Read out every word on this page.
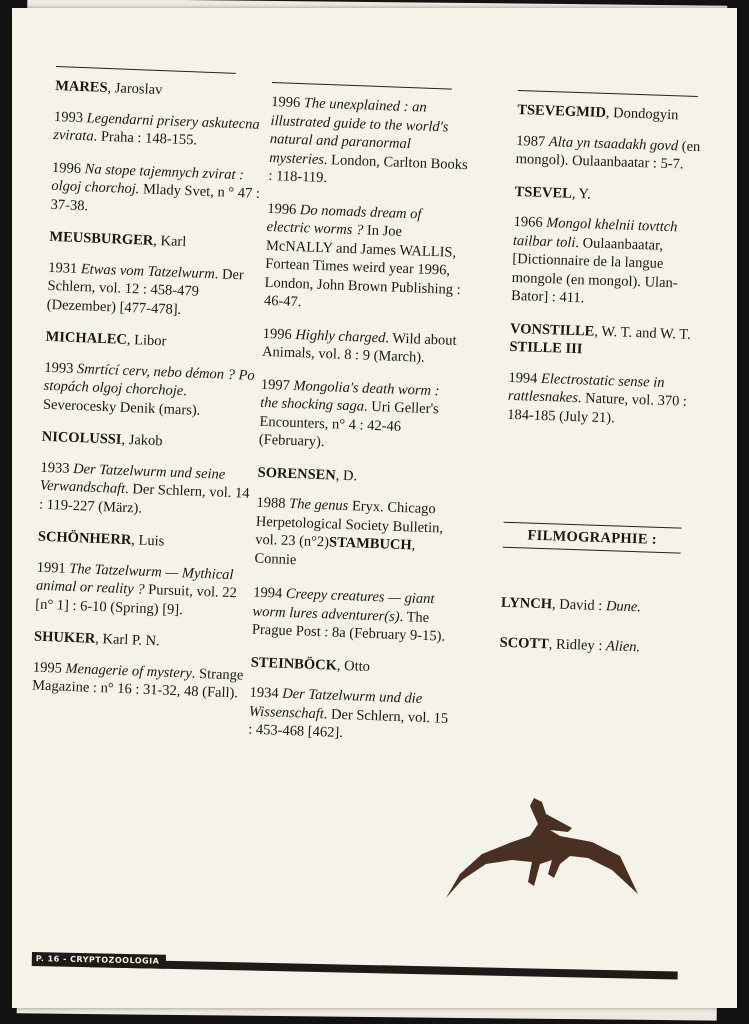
MARES, Jaroslav
1993 Legendarni prisery askutecna zvirata. Praha : 148-155.
1996 Na stope tajemnych zvirat : olgoj chorchoj. Mlady Svet, n ° 47 : 37-38.
MEUSBURGER, Karl
1931 Etwas vom Tatzelwurm. Der Schlern, vol. 12 : 458-479 (Dezember) [477-478].
MICHALEC, Libor
1993 Smrtící cerv, nebo démon ? Po stopách olgoj chorchoje. Severocesky Denik (mars).
NICOLUSSI, Jakob
1933 Der Tatzelwurm und seine Verwandschaft. Der Schlern, vol. 14 : 119-227 (März).
SCHÖNHERR, Luis
1991 The Tatzelwurm — Mythical animal or reality ? Pursuit, vol. 22 [n° 1] : 6-10 (Spring) [9].
SHUKER, Karl P. N.
1995 Menagerie of mystery. Strange Magazine : n° 16 : 31-32, 48 (Fall).
1996 The unexplained : an illustrated guide to the world's natural and paranormal mysteries. London, Carlton Books : 118-119.
1996 Do nomads dream of electric worms ? In Joe McNALLY and James WALLIS, Fortean Times weird year 1996, London, John Brown Publishing : 46-47.
1996 Highly charged. Wild about Animals, vol. 8 : 9 (March).
1997 Mongolia's death worm : the shocking saga. Uri Geller's Encounters, n° 4 : 42-46 (February).
SORENSEN, D.
1988 The genus Eryx. Chicago Herpetological Society Bulletin, vol. 23 (n°2)STAMBUCH, Connie
1994 Creepy creatures — giant worm lures adventurer(s). The Prague Post : 8a (February 9-15).
STEINBÖCK, Otto
1934 Der Tatzelwurm und die Wissenschaft. Der Schlern, vol. 15 : 453-468 [462].
TSEVEGMID, Dondogyin
1987 Alta yn tsaadakh govd (en mongol). Oulaanbaatar : 5-7.
TSEVEL, Y.
1966 Mongol khelnii tovttch tailbar toli. Oulaanbaatar, [Dictionnaire de la langue mongole (en mongol). Ulan-Bator] : 411.
VONSTILLE, W. T. and W. T. STILLE III
1994 Electrostatic sense in rattlesnakes. Nature, vol. 370 : 184-185 (July 21).
FILMOGRAPHIE :
LYNCH, David : Dune.
SCOTT, Ridley : Alien.
P. 16 - CRYPTOZOOLOGIA
